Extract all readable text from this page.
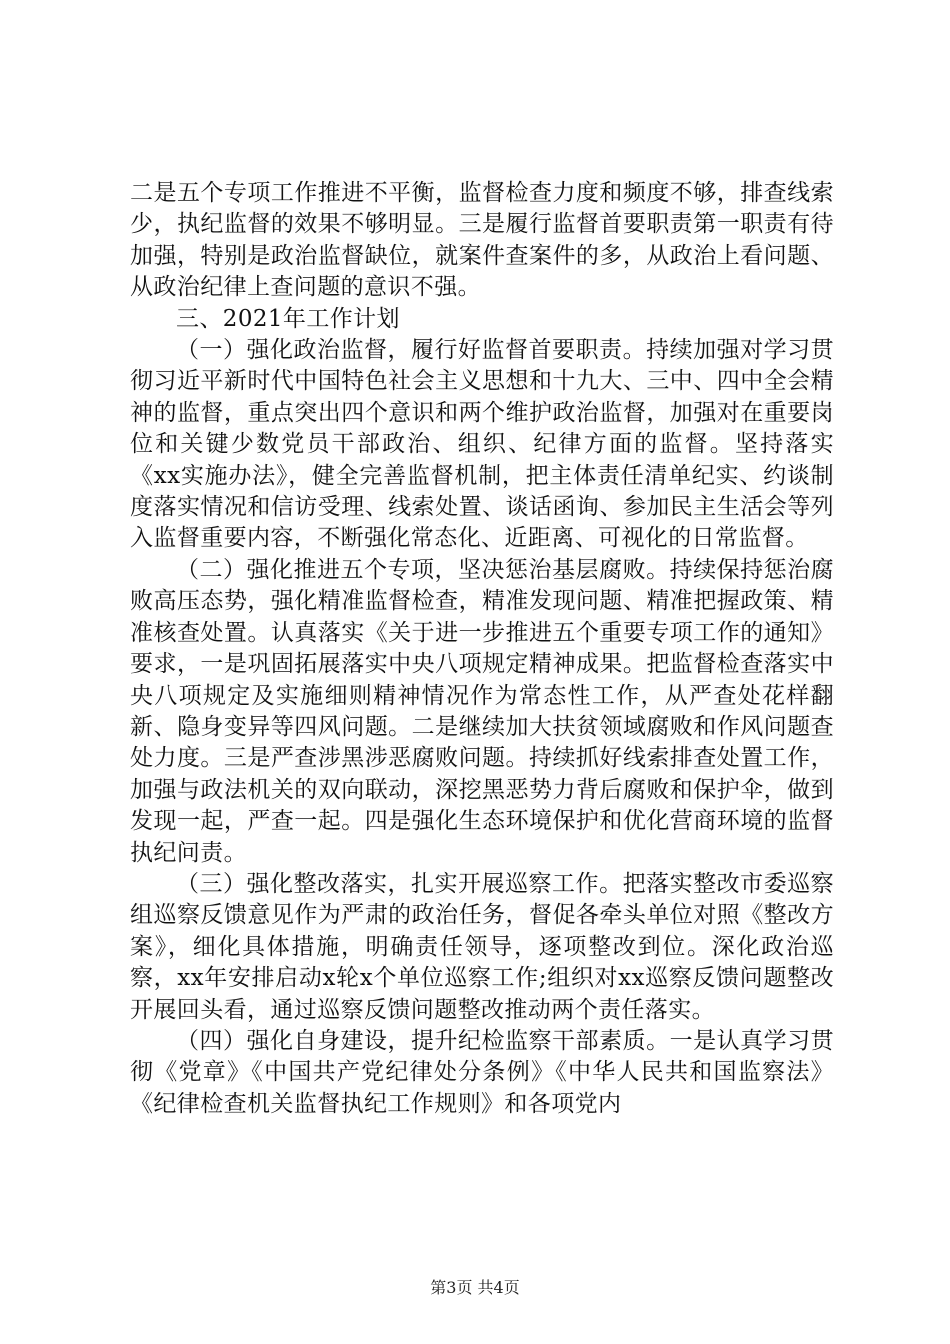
二是五个专项工作推进不平衡，监督检查力度和频度不够，排查线索少，执纪监督的效果不够明显。三是履行监督首要职责第一职责有待加强，特别是政治监督缺位，就案件查案件的多，从政治上看问题、从政治纪律上查问题的意识不强。

三、2021年工作计划

（一）强化政治监督，履行好监督首要职责。持续加强对学习贯彻习近平新时代中国特色社会主义思想和十九大、三中、四中全会精神的监督，重点突出四个意识和两个维护政治监督，加强对在重要岗位和关键少数党员干部政治、组织、纪律方面的监督。坚持落实《xx实施办法》，健全完善监督机制，把主体责任清单纪实、约谈制度落实情况和信访受理、线索处置、谈话函询、参加民主生活会等列入监督重要内容，不断强化常态化、近距离、可视化的日常监督。

（二）强化推进五个专项，坚决惩治基层腐败。持续保持惩治腐败高压态势，强化精准监督检查，精准发现问题、精准把握政策、精准核查处置。认真落实《关于进一步推进五个重要专项工作的通知》要求，一是巩固拓展落实中央八项规定精神成果。把监督检查落实中央八项规定及实施细则精神情况作为常态性工作，从严查处花样翻新、隐身变异等四风问题。二是继续加大扶贫领域腐败和作风问题查处力度。三是严查涉黑涉恶腐败问题。持续抓好线索排查处置工作，加强与政法机关的双向联动，深挖黑恶势力背后腐败和保护伞，做到发现一起，严查一起。四是强化生态环境保护和优化营商环境的监督执纪问责。

（三）强化整改落实，扎实开展巡察工作。把落实整改市委巡察组巡察反馈意见作为严肃的政治任务，督促各牵头单位对照《整改方案》，细化具体措施，明确责任领导，逐项整改到位。深化政治巡察，xx年安排启动x轮x个单位巡察工作;组织对xx巡察反馈问题整改开展回头看，通过巡察反馈问题整改推动两个责任落实。

（四）强化自身建设，提升纪检监察干部素质。一是认真学习贯彻《党章》《中国共产党纪律处分条例》《中华人民共和国监察法》《纪律检查机关监督执纪工作规则》和各项党内

第3页 共4页
